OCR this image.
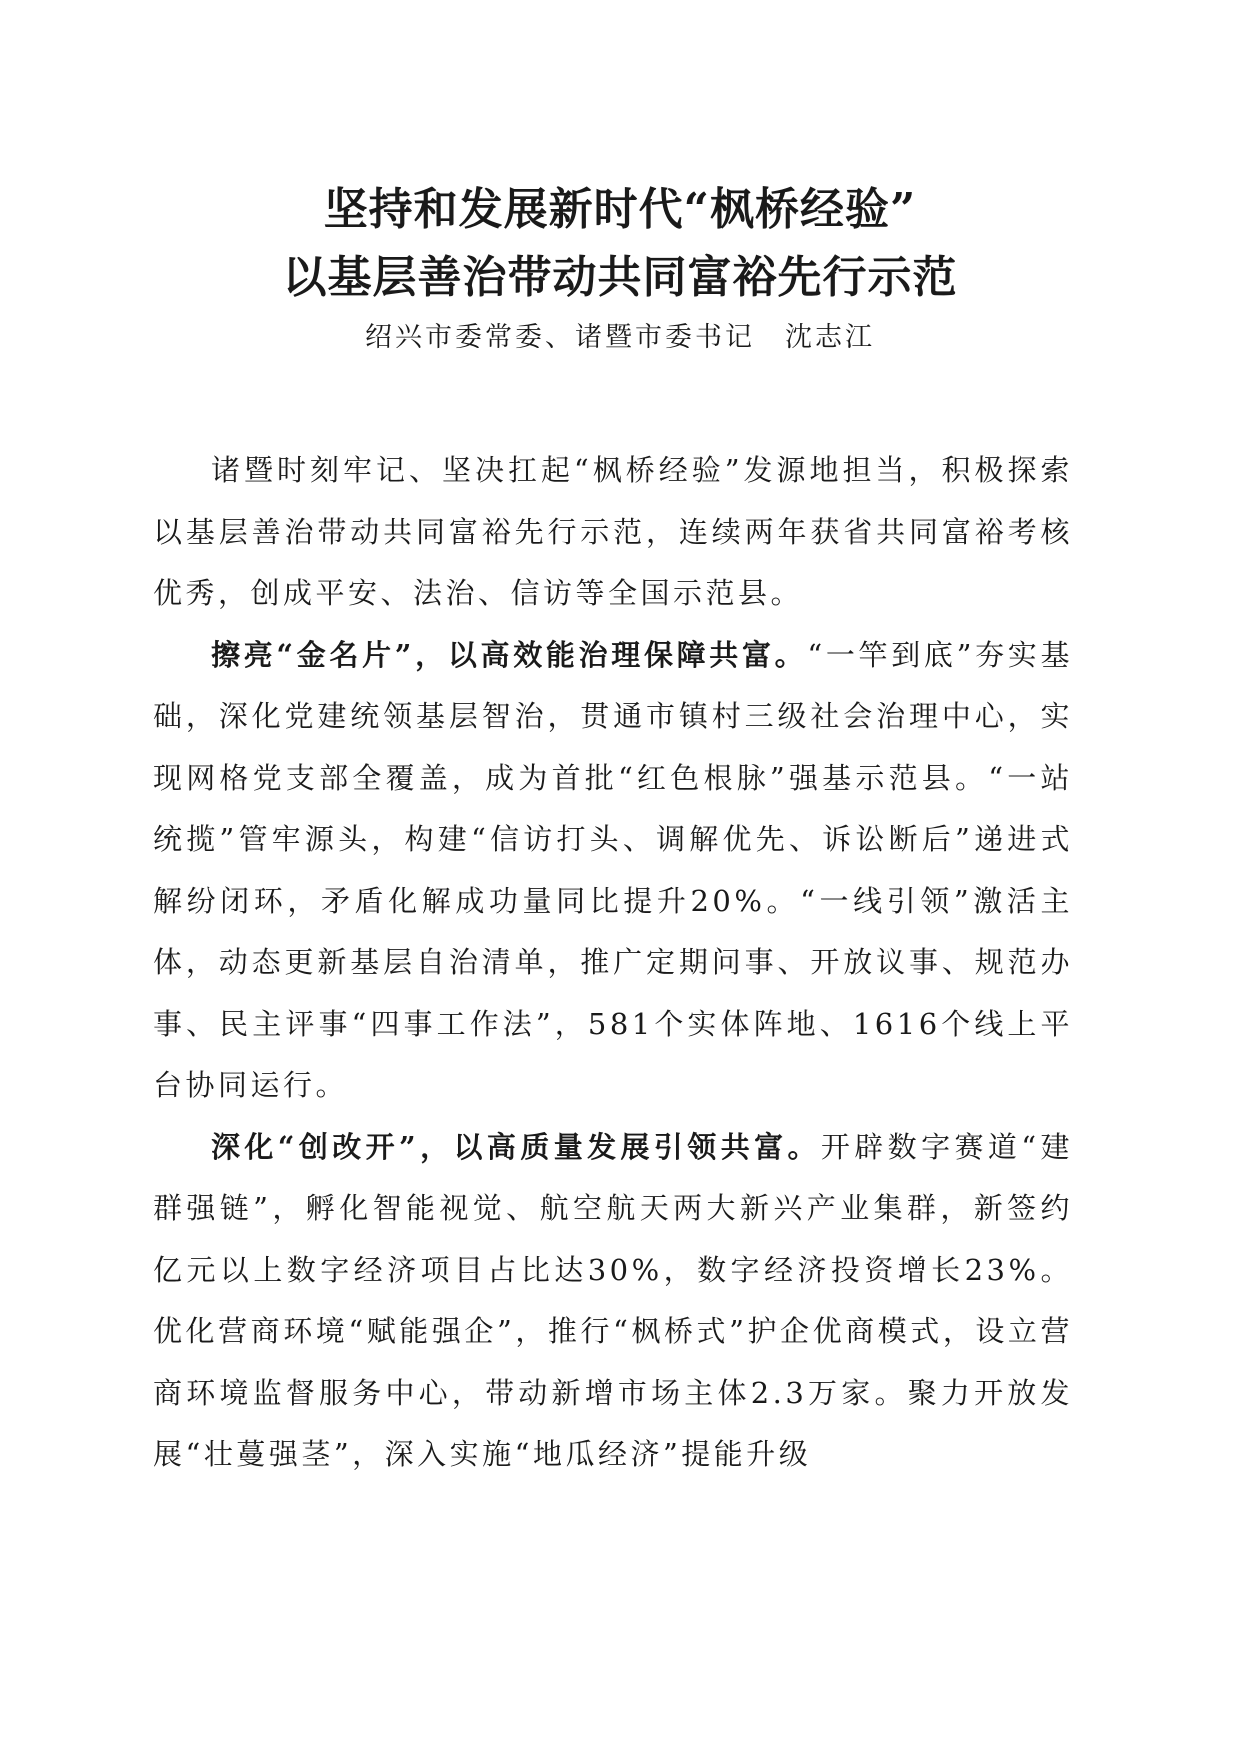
坚持和发展新时代“枫桥经验”
以基层善治带动共同富裕先行示范
绍兴市委常委、诸暨市委书记 沈志江

诸暨时刻牢记、坚决扛起“枫桥经验”发源地担当，积极探索以基层善治带动共同富裕先行示范，连续两年获省共同富裕考核优秀，创成平安、法治、信访等全国示范县。

擦亮“金名片”，以高效能治理保障共富。“一竿到底”夯实基础，深化党建统领基层智治，贯通市镇村三级社会治理中心，实现网格党支部全覆盖，成为首批“红色根脉”强基示范县。“一站统揽”管牢源头，构建“信访打头、调解优先、诉讼断后”递进式解纷闭环，矛盾化解成功量同比提升20%。“一线引领”激活主体，动态更新基层自治清单，推广定期问事、开放议事、规范办事、民主评事“四事工作法”，581个实体阵地、1616个线上平台协同运行。

深化“创改开”，以高质量发展引领共富。开辟数字赛道“建群强链”，孵化智能视觉、航空航天两大新兴产业集群，新签约亿元以上数字经济项目占比达30%，数字经济投资增长23%。优化营商环境“赋能强企”，推行“枫桥式”护企优商模式，设立营商环境监督服务中心，带动新增市场主体2.3万家。聚力开放发展“壮蔓强茎”，深入实施“地瓜经济”提能升级
